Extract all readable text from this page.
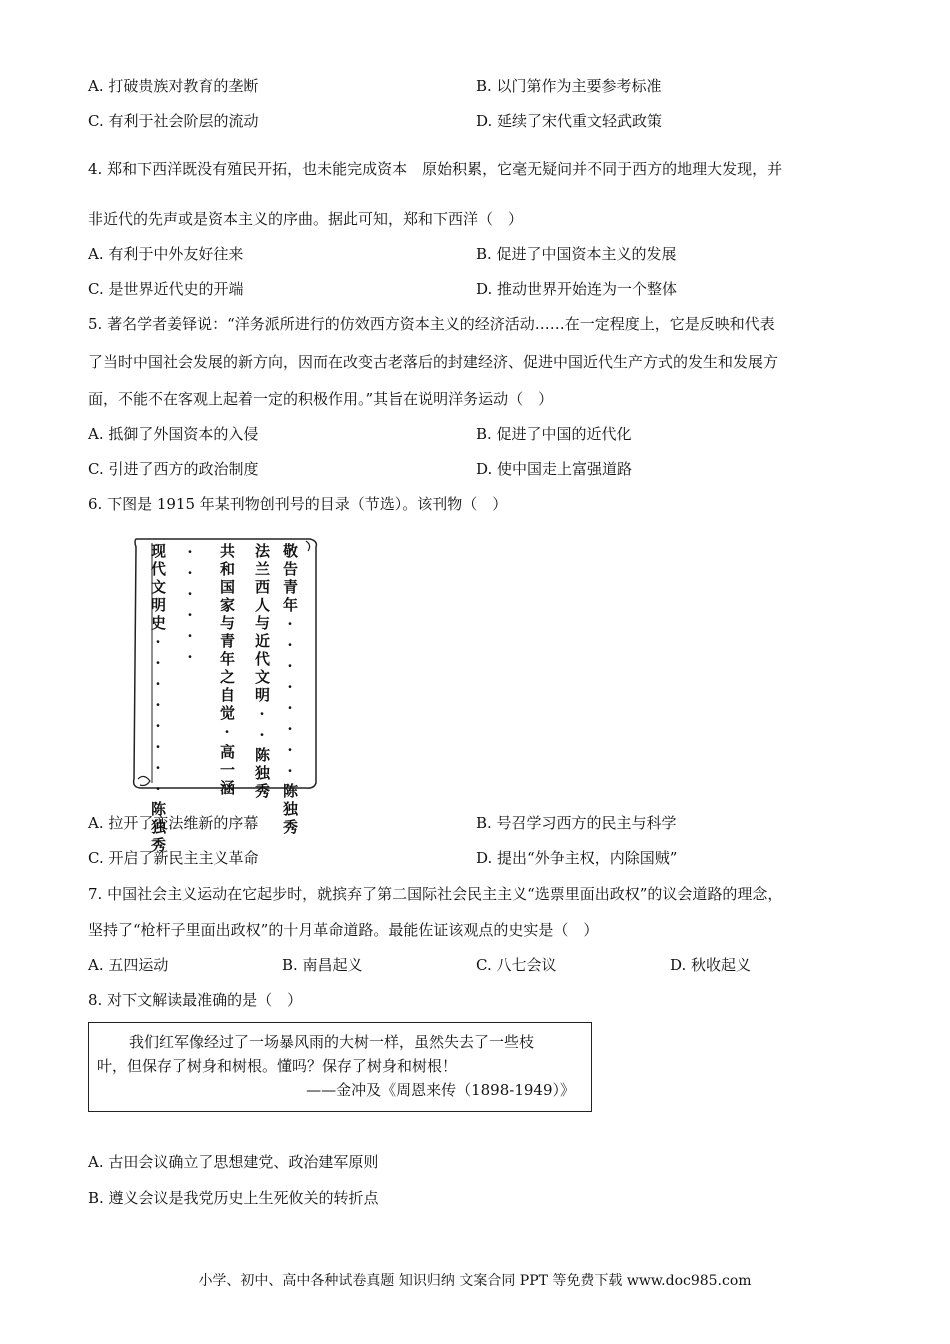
A. 打破贵族对教育的垄断	B. 以门第作为主要参考标准
C. 有利于社会阶层的流动	D. 延续了宋代重文轻武政策
4. 郑和下西洋既没有殖民开拓，也未能完成资本　原始积累，它毫无疑问并不同于西方的地理大发现，并
非近代的先声或是资本主义的序曲。据此可知，郑和下西洋（　）
A. 有利于中外友好往来	B. 促进了中国资本主义的发展
C. 是世界近代史的开端	D. 推动世界开始连为一个整体
5. 著名学者姜铎说：“洋务派所进行的仿效西方资本主义的经济活动……在一定程度上，它是反映和代表
了当时中国社会发展的新方向，因而在改变古老落后的封建经济、促进中国近代生产方式的发生和发展方
面，不能不在客观上起着一定的积极作用。”其旨在说明洋务运动（　）
A. 抵御了外国资本的入侵	B. 促进了中国的近代化
C. 引进了西方的政治制度	D. 使中国走上富强道路
6. 下图是 1915 年某刊物创刊号的目录（节选）。该刊物（　）
敬告青年········陈独秀
法兰西人与近代文明··陈独秀
共和国家与青年之自觉·高一涵
······
现代文明史········陈独秀
A. 拉开了变法维新的序幕	B. 号召学习西方的民主与科学
C. 开启了新民主主义革命	D. 提出“外争主权，内除国贼”
7. 中国社会主义运动在它起步时，就摈弃了第二国际社会民主主义“选票里面出政权”的议会道路的理念，
坚持了“枪杆子里面出政权”的十月革命道路。最能佐证该观点的史实是（　）
A. 五四运动	B. 南昌起义	C. 八七会议	D. 秋收起义
8. 对下文解读最准确的是（　）
我们红军像经过了一场暴风雨的大树一样，虽然失去了一些枝
叶，但保存了树身和树根。懂吗？保存了树身和树根！
——金冲及《周恩来传（1898-1949）》
A. 古田会议确立了思想建党、政治建军原则
B. 遵义会议是我党历史上生死攸关的转折点
小学、初中、高中各种试卷真题 知识归纳 文案合同 PPT 等免费下载 www.doc985.com
